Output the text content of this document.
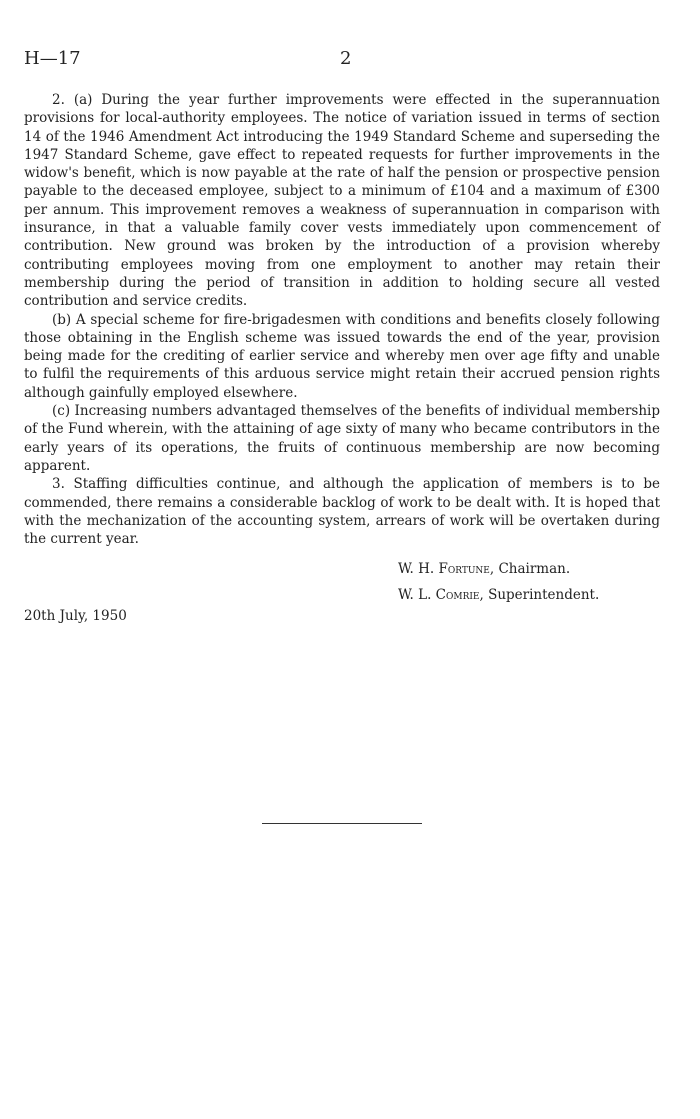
H—17	2

2. (a) During the year further improvements were effected in the superannuation provisions for local-authority employees. The notice of variation issued in terms of section 14 of the 1946 Amendment Act introducing the 1949 Standard Scheme and superseding the 1947 Standard Scheme, gave effect to repeated requests for further improvements in the widow's benefit, which is now payable at the rate of half the pension or prospective pension payable to the deceased employee, subject to a minimum of £104 and a maximum of £300 per annum. This improvement removes a weakness of superannuation in comparison with insurance, in that a valuable family cover vests immediately upon commencement of contribution. New ground was broken by the introduction of a provision whereby contributing employees moving from one employment to another may retain their membership during the period of transition in addition to holding secure all vested contribution and service credits.

(b) A special scheme for fire-brigadesmen with conditions and benefits closely following those obtaining in the English scheme was issued towards the end of the year, provision being made for the crediting of earlier service and whereby men over age fifty and unable to fulfil the requirements of this arduous service might retain their accrued pension rights although gainfully employed elsewhere.

(c) Increasing numbers advantaged themselves of the benefits of individual membership of the Fund wherein, with the attaining of age sixty of many who became contributors in the early years of its operations, the fruits of continuous membership are now becoming apparent.

3. Staffing difficulties continue, and although the application of members is to be commended, there remains a considerable backlog of work to be dealt with. It is hoped that with the mechanization of the accounting system, arrears of work will be overtaken during the current year.

W. H. Fortune, Chairman.
W. L. Comrie, Superintendent.
20th July, 1950
